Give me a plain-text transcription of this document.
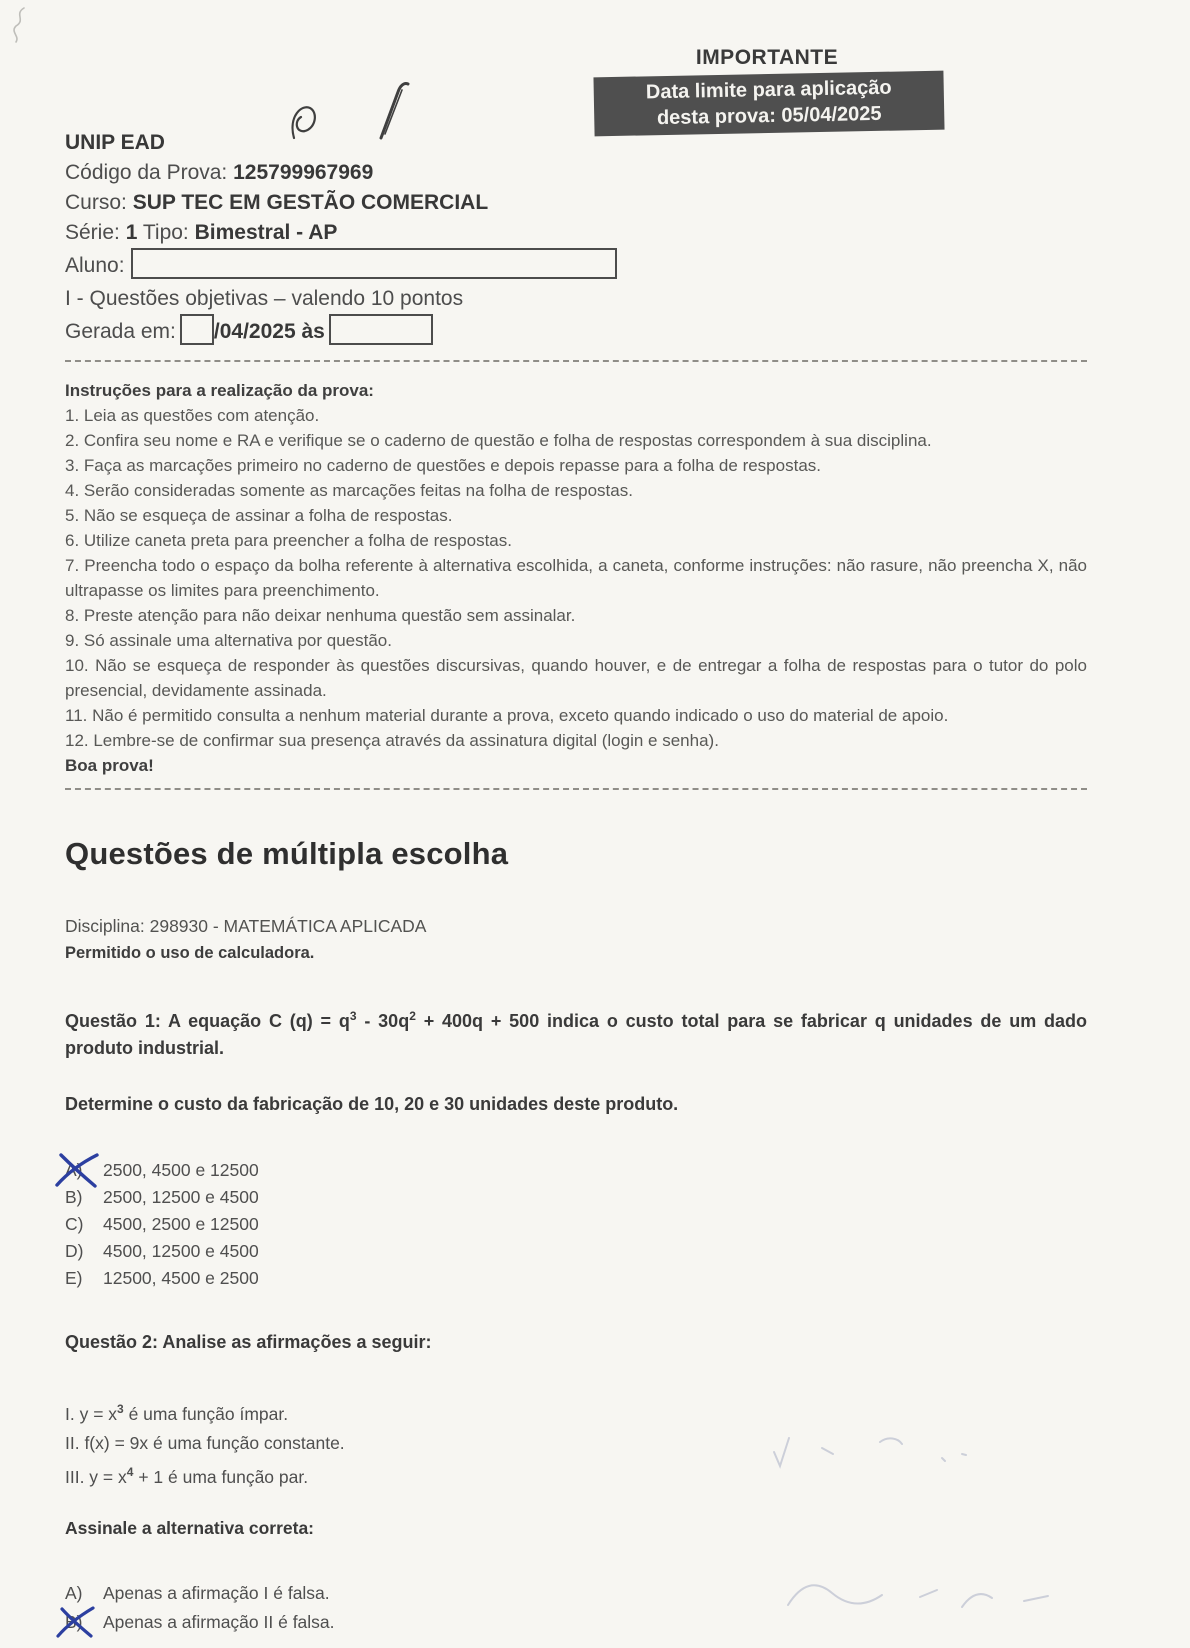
IMPORTANTE
Data limite para aplicação
desta prova: 05/04/2025
UNIP EAD
Código da Prova: 125799967969
Curso: SUP TEC EM GESTÃO COMERCIAL
Série: 1 Tipo: Bimestral - AP
Aluno:
I - Questões objetivas – valendo 10 pontos
Gerada em: /04/2025 às
Instruções para a realização da prova:
1. Leia as questões com atenção.
2. Confira seu nome e RA e verifique se o caderno de questão e folha de respostas correspondem à sua disciplina.
3. Faça as marcações primeiro no caderno de questões e depois repasse para a folha de respostas.
4. Serão consideradas somente as marcações feitas na folha de respostas.
5. Não se esqueça de assinar a folha de respostas.
6. Utilize caneta preta para preencher a folha de respostas.
7. Preencha todo o espaço da bolha referente à alternativa escolhida, a caneta, conforme instruções: não rasure, não preencha X, não ultrapasse os limites para preenchimento.
8. Preste atenção para não deixar nenhuma questão sem assinalar.
9. Só assinale uma alternativa por questão.
10. Não se esqueça de responder às questões discursivas, quando houver, e de entregar a folha de respostas para o tutor do polo presencial, devidamente assinada.
11. Não é permitido consulta a nenhum material durante a prova, exceto quando indicado o uso do material de apoio.
12. Lembre-se de confirmar sua presença através da assinatura digital (login e senha).
Boa prova!
Questões de múltipla escolha
Disciplina: 298930 - MATEMÁTICA APLICADA
Permitido o uso de calculadora.
Questão 1: A equação C $(q) = q^3 - 30q^2 + 400q + 500$ indica o custo total para se fabricar q unidades de um dado produto industrial.
Determine o custo da fabricação de 10, 20 e 30 unidades deste produto.
A) 2500, 4500 e 12500
B) 2500, 12500 e 4500
C) 4500, 2500 e 12500
D) 4500, 12500 e 4500
E) 12500, 4500 e 2500
Questão 2: Analise as afirmações a seguir:
I. $y = x^3$ é uma função ímpar.
II. f(x) = 9x é uma função constante.
III. $y = x^4 + 1$ é uma função par.
Assinale a alternativa correta:
A) Apenas a afirmação I é falsa.
B) Apenas a afirmação II é falsa.
